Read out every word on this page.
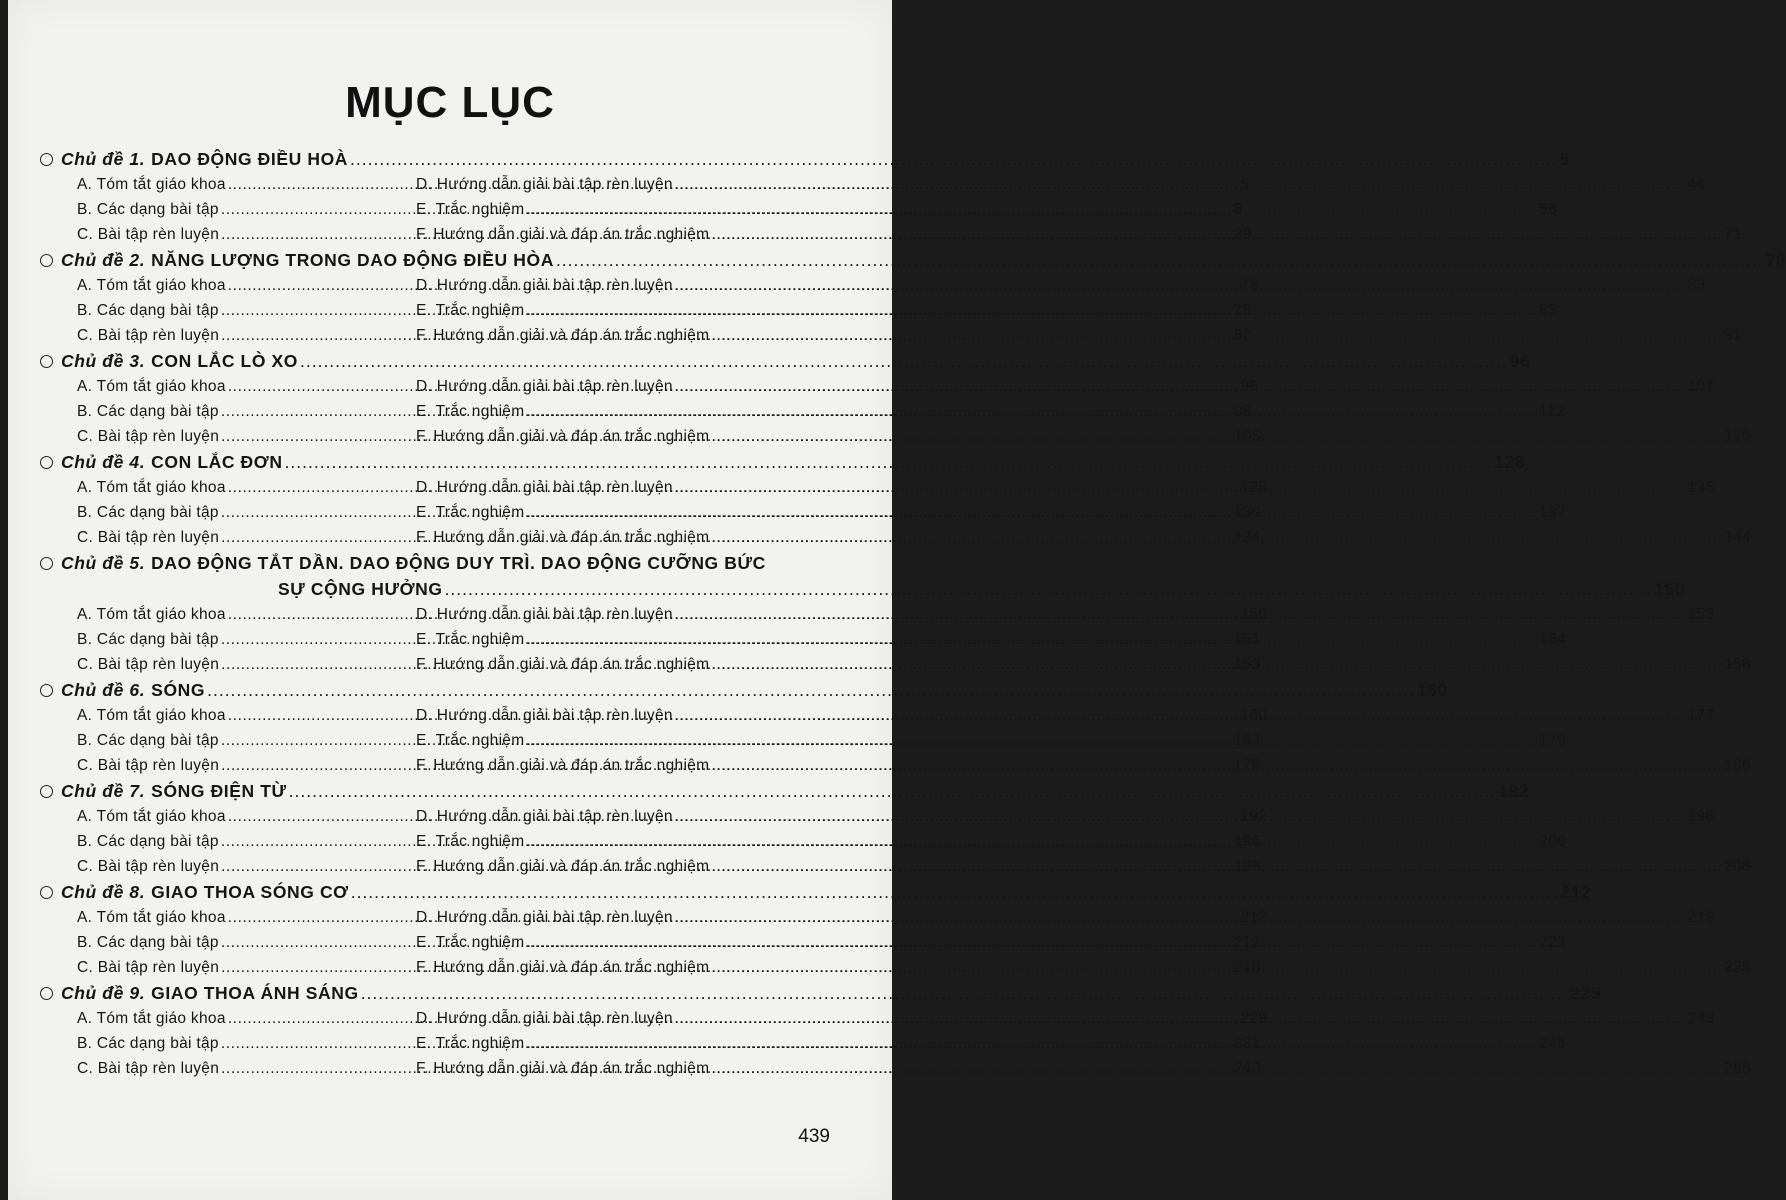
MỤC LỤC
Chủ đề 1. DAO ĐỘNG ĐIỀU HOÀ .....	5
A. Tóm tắt giáo khoa .....	5
D. Hướng dẫn giải bài tập rèn luyện .....	44
B. Các dạng bài tập .....	8
E. Trắc nghiệm .....	58
C. Bài tập rèn luyện .....	39
F. Hướng dẫn giải và đáp án trắc nghiệm .....	71
Chủ đề 2. NĂNG LƯỢNG TRONG DAO ĐỘNG ĐIỀU HÒA .....	78
A. Tóm tắt giáo khoa .....	78
D. Hướng dẫn giải bài tập rèn luyện .....	83
B. Các dạng bài tập .....	78
E. Trắc nghiệm .....	85
C. Bài tập rèn luyện .....	82
F. Hướng dẫn giải và đáp án trắc nghiệm .....	91
Chủ đề 3. CON LẮC LÒ XO .....	96
A. Tóm tắt giáo khoa .....	96
D. Hướng dẫn giải bài tập rèn luyện .....	107
B. Các dạng bài tập .....	98
E. Trắc nghiệm .....	112
C. Bài tập rèn luyện .....	105
F. Hướng dẫn giải và đáp án trắc nghiệm .....	120
Chủ đề 4. CON LẮC ĐƠN .....	128
A. Tóm tắt giáo khoa .....	128
D. Hướng dẫn giải bài tập rèn luyện .....	135
B. Các dạng bài tập .....	130
E. Trắc nghiệm .....	137
C. Bài tập rèn luyện .....	134
F. Hướng dẫn giải và đáp án trắc nghiệm .....	144
Chủ đề 5. DAO ĐỘNG TẮT DẦN. DAO ĐỘNG DUY TRÌ. DAO ĐỘNG CƯỠNG BỨC
SỰ CỘNG HƯỞNG .....	150
A. Tóm tắt giáo khoa .....	150
D. Hướng dẫn giải bài tập rèn luyện .....	153
B. Các dạng bài tập .....	151
E. Trắc nghiệm .....	154
C. Bài tập rèn luyện .....	153
F. Hướng dẫn giải và đáp án trắc nghiệm .....	158
Chủ đề 6. SÓNG .....	160
A. Tóm tắt giáo khoa .....	160
D. Hướng dẫn giải bài tập rèn luyện .....	177
B. Các dạng bài tập .....	163
E. Trắc nghiệm .....	179
C. Bài tập rèn luyện .....	176
F. Hướng dẫn giải và đáp án trắc nghiệm .....	186
Chủ đề 7. SÓNG ĐIỆN TỪ .....	192
A. Tóm tắt giáo khoa .....	192
D. Hướng dẫn giải bài tập rèn luyện .....	198
B. Các dạng bài tập .....	196
E. Trắc nghiệm .....	200
C. Bài tập rèn luyện .....	198
F. Hướng dẫn giải và đáp án trắc nghiệm .....	208
Chủ đề 8. GIAO THOA SÓNG CƠ .....	212
A. Tóm tắt giáo khoa .....	212
D. Hướng dẫn giải bài tập rèn luyện .....	219
B. Các dạng bài tập .....	212
E. Trắc nghiệm .....	223
C. Bài tập rèn luyện .....	218
F. Hướng dẫn giải và đáp án trắc nghiệm .....	225
Chủ đề 9. GIAO THOA ÁNH SÁNG .....	229
A. Tóm tắt giáo khoa .....	229
D. Hướng dẫn giải bài tập rèn luyện .....	243
B. Các dạng bài tập .....	231
E. Trắc nghiệm .....	248
C. Bài tập rèn luyện .....	240
F. Hướng dẫn giải và đáp án trắc nghiệm .....	255
439
